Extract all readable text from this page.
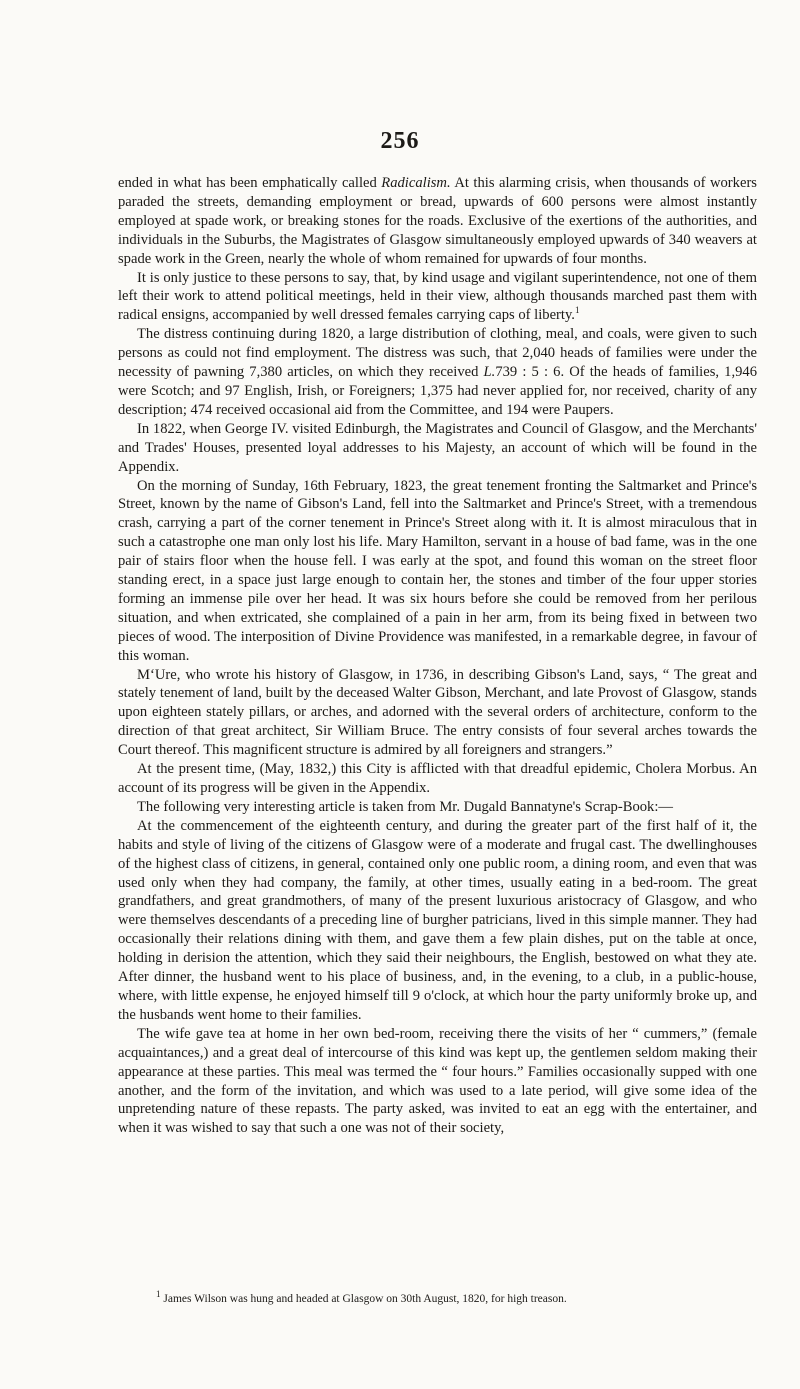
256

ended in what has been emphatically called Radicalism. At this alarming crisis, when thousands of workers paraded the streets, demanding employment or bread, upwards of 600 persons were almost instantly employed at spade work, or breaking stones for the roads. Exclusive of the exertions of the authorities, and individuals in the Suburbs, the Magistrates of Glasgow simultaneously employed upwards of 340 weavers at spade work in the Green, nearly the whole of whom remained for upwards of four months.

It is only justice to these persons to say, that, by kind usage and vigilant superintendence, not one of them left their work to attend political meetings, held in their view, although thousands marched past them with radical ensigns, accompanied by well dressed females carrying caps of liberty.$^1$

The distress continuing during 1820, a large distribution of clothing, meal, and coals, were given to such persons as could not find employment. The distress was such, that 2,040 heads of families were under the necessity of pawning 7,380 articles, on which they received L.739 : 5 : 6. Of the heads of families, 1,946 were Scotch; and 97 English, Irish, or Foreigners; 1,375 had never applied for, nor received, charity of any description; 474 received occasional aid from the Committee, and 194 were Paupers.

In 1822, when George IV. visited Edinburgh, the Magistrates and Council of Glasgow, and the Merchants' and Trades' Houses, presented loyal addresses to his Majesty, an account of which will be found in the Appendix.

On the morning of Sunday, 16th February, 1823, the great tenement fronting the Saltmarket and Prince's Street, known by the name of Gibson's Land, fell into the Saltmarket and Prince's Street, with a tremendous crash, carrying a part of the corner tenement in Prince's Street along with it. It is almost miraculous that in such a catastrophe one man only lost his life. Mary Hamilton, servant in a house of bad fame, was in the one pair of stairs floor when the house fell. I was early at the spot, and found this woman on the street floor standing erect, in a space just large enough to contain her, the stones and timber of the four upper stories forming an immense pile over her head. It was six hours before she could be removed from her perilous situation, and when extricated, she complained of a pain in her arm, from its being fixed in between two pieces of wood. The interposition of Divine Providence was manifested, in a remarkable degree, in favour of this woman.

M‘Ure, who wrote his history of Glasgow, in 1736, in describing Gibson's Land, says, “ The great and stately tenement of land, built by the deceased Walter Gibson, Merchant, and late Provost of Glasgow, stands upon eighteen stately pillars, or arches, and adorned with the several orders of architecture, conform to the direction of that great architect, Sir William Bruce. The entry consists of four several arches towards the Court thereof. This magnificent structure is admired by all foreigners and strangers.”

At the present time, (May, 1832,) this City is afflicted with that dreadful epidemic, Cholera Morbus. An account of its progress will be given in the Appendix.

The following very interesting article is taken from Mr. Dugald Bannatyne's Scrap-Book:—

At the commencement of the eighteenth century, and during the greater part of the first half of it, the habits and style of living of the citizens of Glasgow were of a moderate and frugal cast. The dwellinghouses of the highest class of citizens, in general, contained only one public room, a dining room, and even that was used only when they had company, the family, at other times, usually eating in a bed-room. The great grandfathers, and great grandmothers, of many of the present luxurious aristocracy of Glasgow, and who were themselves descendants of a preceding line of burgher patricians, lived in this simple manner. They had occasionally their relations dining with them, and gave them a few plain dishes, put on the table at once, holding in derision the attention, which they said their neighbours, the English, bestowed on what they ate. After dinner, the husband went to his place of business, and, in the evening, to a club, in a public-house, where, with little expense, he enjoyed himself till 9 o'clock, at which hour the party uniformly broke up, and the husbands went home to their families.

The wife gave tea at home in her own bed-room, receiving there the visits of her “ cummers,” (female acquaintances,) and a great deal of intercourse of this kind was kept up, the gentlemen seldom making their appearance at these parties. This meal was termed the “ four hours.” Families occasionally supped with one another, and the form of the invitation, and which was used to a late period, will give some idea of the unpretending nature of these repasts. The party asked, was invited to eat an egg with the entertainer, and when it was wished to say that such a one was not of their society,

$^1$ James Wilson was hung and headed at Glasgow on 30th August, 1820, for high treason.
